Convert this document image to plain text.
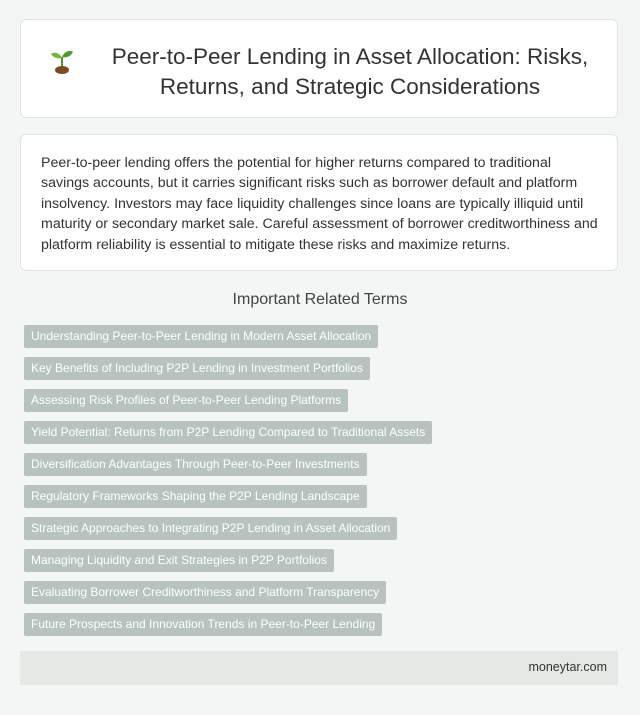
Peer-to-Peer Lending in Asset Allocation: Risks, Returns, and Strategic Considerations

Peer-to-peer lending offers the potential for higher returns compared to traditional savings accounts, but it carries significant risks such as borrower default and platform insolvency. Investors may face liquidity challenges since loans are typically illiquid until maturity or secondary market sale. Careful assessment of borrower creditworthiness and platform reliability is essential to mitigate these risks and maximize returns.

Important Related Terms
Understanding Peer-to-Peer Lending in Modern Asset Allocation
Key Benefits of Including P2P Lending in Investment Portfolios
Assessing Risk Profiles of Peer-to-Peer Lending Platforms
Yield Potential: Returns from P2P Lending Compared to Traditional Assets
Diversification Advantages Through Peer-to-Peer Investments
Regulatory Frameworks Shaping the P2P Lending Landscape
Strategic Approaches to Integrating P2P Lending in Asset Allocation
Managing Liquidity and Exit Strategies in P2P Portfolios
Evaluating Borrower Creditworthiness and Platform Transparency
Future Prospects and Innovation Trends in Peer-to-Peer Lending
moneytar.com
